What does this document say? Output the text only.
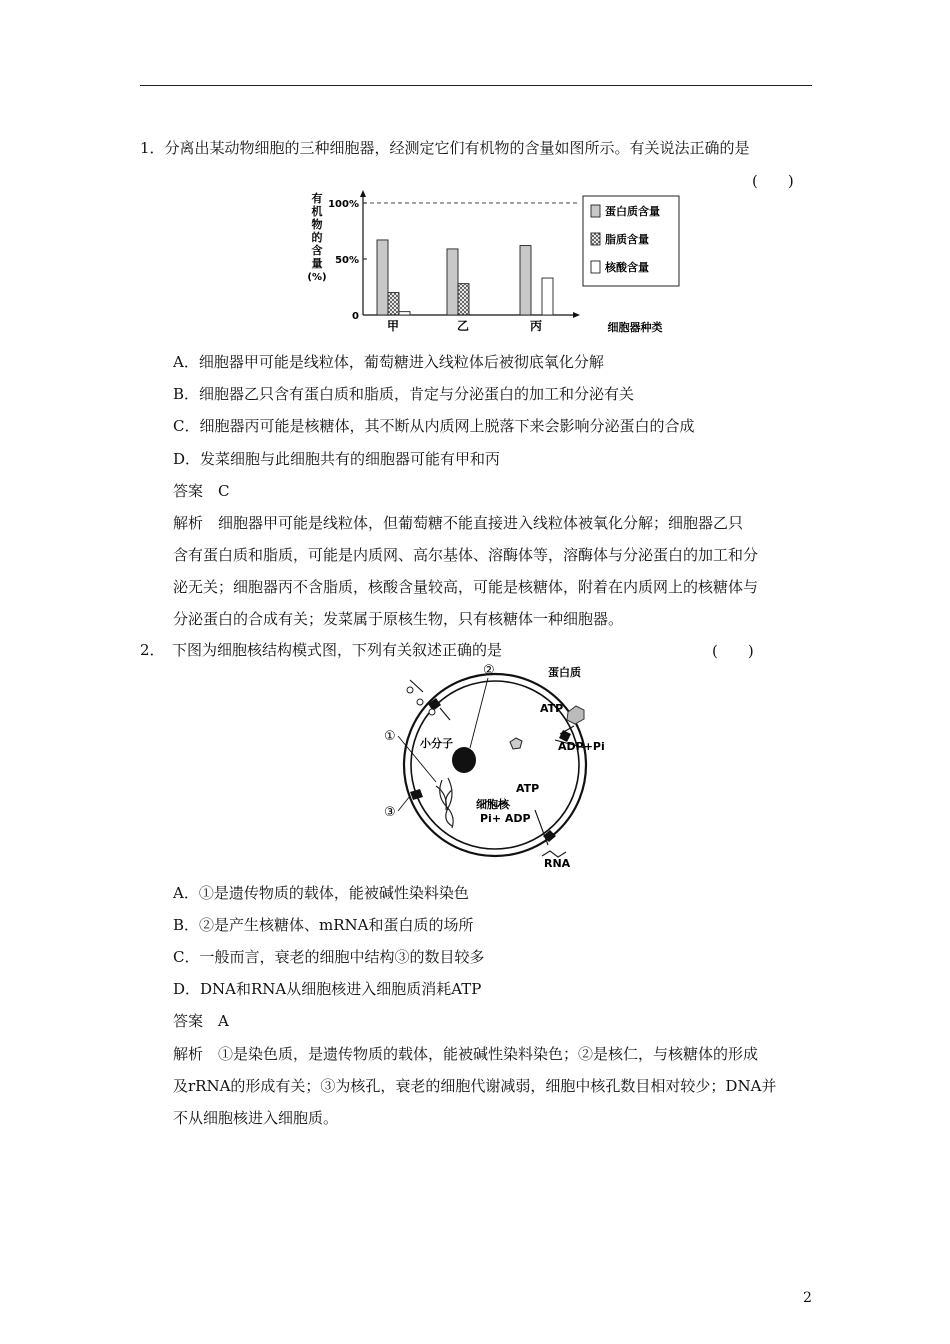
1．分离出某动物细胞的三种细胞器，经测定它们有机物的含量如图所示。有关说法正确的是
(　　)
有
机
物
的
含
量
(%)
0
50%
100%
细胞器种类
甲	乙	丙
蛋白质含量
脂质含量
核酸含量
A．细胞器甲可能是线粒体，葡萄糖进入线粒体后被彻底氧化分解
B．细胞器乙只含有蛋白质和脂质，肯定与分泌蛋白的加工和分泌有关
C．细胞器丙可能是核糖体，其不断从内质网上脱落下来会影响分泌蛋白的合成
D．发菜细胞与此细胞共有的细胞器可能有甲和丙
答案　C
解析　细胞器甲可能是线粒体，但葡萄糖不能直接进入线粒体被氧化分解；细胞器乙只
含有蛋白质和脂质，可能是内质网、高尔基体、溶酶体等，溶酶体与分泌蛋白的加工和分
泌无关；细胞器丙不含脂质，核酸含量较高，可能是核糖体，附着在内质网上的核糖体与
分泌蛋白的合成有关；发菜属于原核生物，只有核糖体一种细胞器。
2．　下图为细胞核结构模式图，下列有关叙述正确的是	(　　)
②
①
③
蛋白质
ATP
ADP+Pi
小分子
ATP
细胞核
Pi+ ADP
RNA
A．①是遗传物质的载体，能被碱性染料染色
B．②是产生核糖体、mRNA和蛋白质的场所
C．一般而言，衰老的细胞中结构③的数目较多
D．DNA和RNA从细胞核进入细胞质消耗ATP
答案　A
解析　①是染色质，是遗传物质的载体，能被碱性染料染色；②是核仁，与核糖体的形成
及rRNA的形成有关；③为核孔，衰老的细胞代谢减弱，细胞中核孔数目相对较少；DNA并
不从细胞核进入细胞质。
2
